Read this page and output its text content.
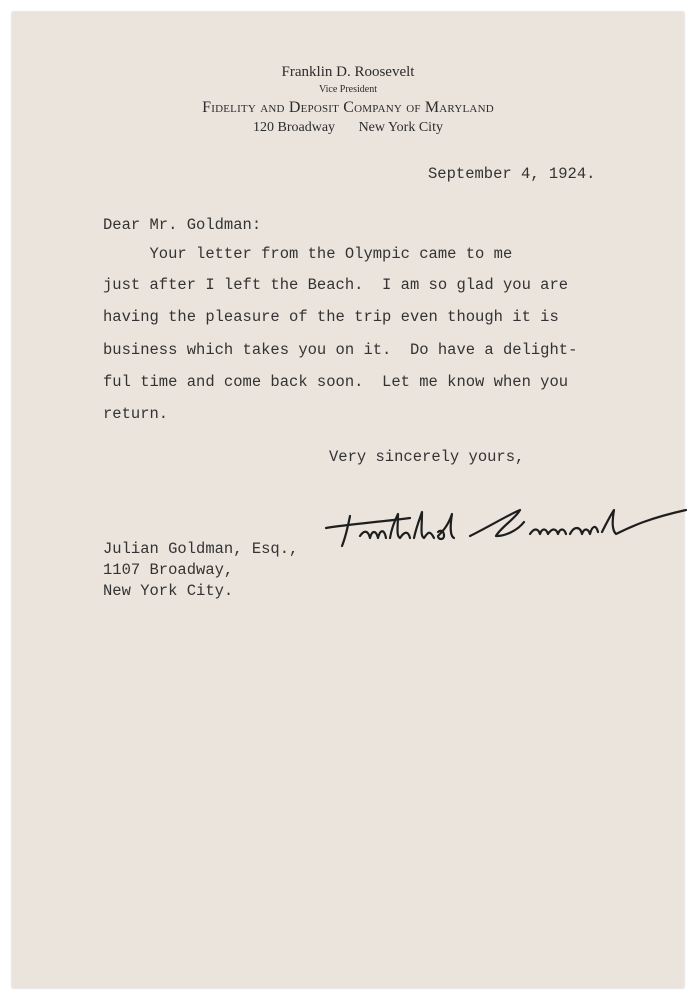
Franklin D. Roosevelt
Vice President
Fidelity and Deposit Company of Maryland
120 Broadway New York City
September 4, 1924.
Dear Mr. Goldman:
Your letter from the Olympic came to me
just after I left the Beach.  I am so glad you are
having the pleasure of the trip even though it is
business which takes you on it.  Do have a delight-
ful time and come back soon.  Let me know when you
return.
Very sincerely yours,
Julian Goldman, Esq.,
1107 Broadway,
New York City.
